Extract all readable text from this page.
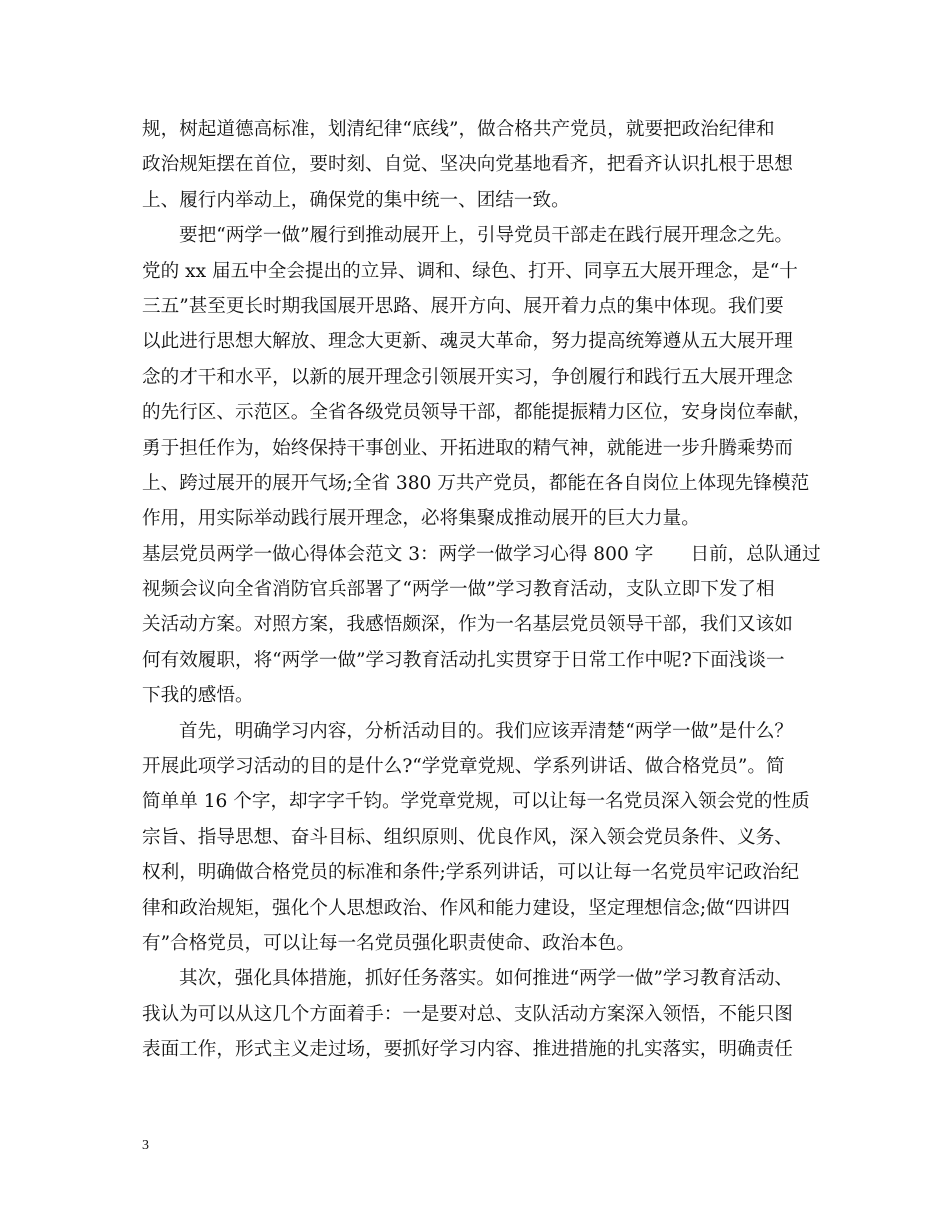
规，树起道德高标准，划清纪律“底线”，做合格共产党员，就要把政治纪律和
政治规矩摆在首位，要时刻、自觉、坚决向党基地看齐，把看齐认识扎根于思想
上、履行内举动上，确保党的集中统一、团结一致。
要把“两学一做”履行到推动展开上，引导党员干部走在践行展开理念之先。
党的 xx 届五中全会提出的立异、调和、绿色、打开、同享五大展开理念，是“十
三五”甚至更长时期我国展开思路、展开方向、展开着力点的集中体现。我们要
以此进行思想大解放、理念大更新、魂灵大革命，努力提高统筹遵从五大展开理
念的才干和水平，以新的展开理念引领展开实习，争创履行和践行五大展开理念
的先行区、示范区。全省各级党员领导干部，都能提振精力区位，安身岗位奉献，
勇于担任作为，始终保持干事创业、开拓进取的精气神，就能进一步升腾乘势而
上、跨过展开的展开气场;全省 380 万共产党员，都能在各自岗位上体现先锋模范
作用，用实际举动践行展开理念，必将集聚成推动展开的巨大力量。
基层党员两学一做心得体会范文 3：两学一做学习心得 800 字　　日前，总队通过
视频会议向全省消防官兵部署了“两学一做”学习教育活动，支队立即下发了相
关活动方案。对照方案，我感悟颇深，作为一名基层党员领导干部，我们又该如
何有效履职，将“两学一做”学习教育活动扎实贯穿于日常工作中呢?下面浅谈一
下我的感悟。
首先，明确学习内容，分析活动目的。我们应该弄清楚“两学一做”是什么？
开展此项学习活动的目的是什么?“学党章党规、学系列讲话、做合格党员”。简
简单单 16 个字，却字字千钧。学党章党规，可以让每一名党员深入领会党的性质
宗旨、指导思想、奋斗目标、组织原则、优良作风，深入领会党员条件、义务、
权利，明确做合格党员的标准和条件;学系列讲话，可以让每一名党员牢记政治纪
律和政治规矩，强化个人思想政治、作风和能力建设，坚定理想信念;做“四讲四
有”合格党员，可以让每一名党员强化职责使命、政治本色。
其次，强化具体措施，抓好任务落实。如何推进“两学一做”学习教育活动、
我认为可以从这几个方面着手：一是要对总、支队活动方案深入领悟，不能只图
表面工作，形式主义走过场，要抓好学习内容、推进措施的扎实落实，明确责任
3
